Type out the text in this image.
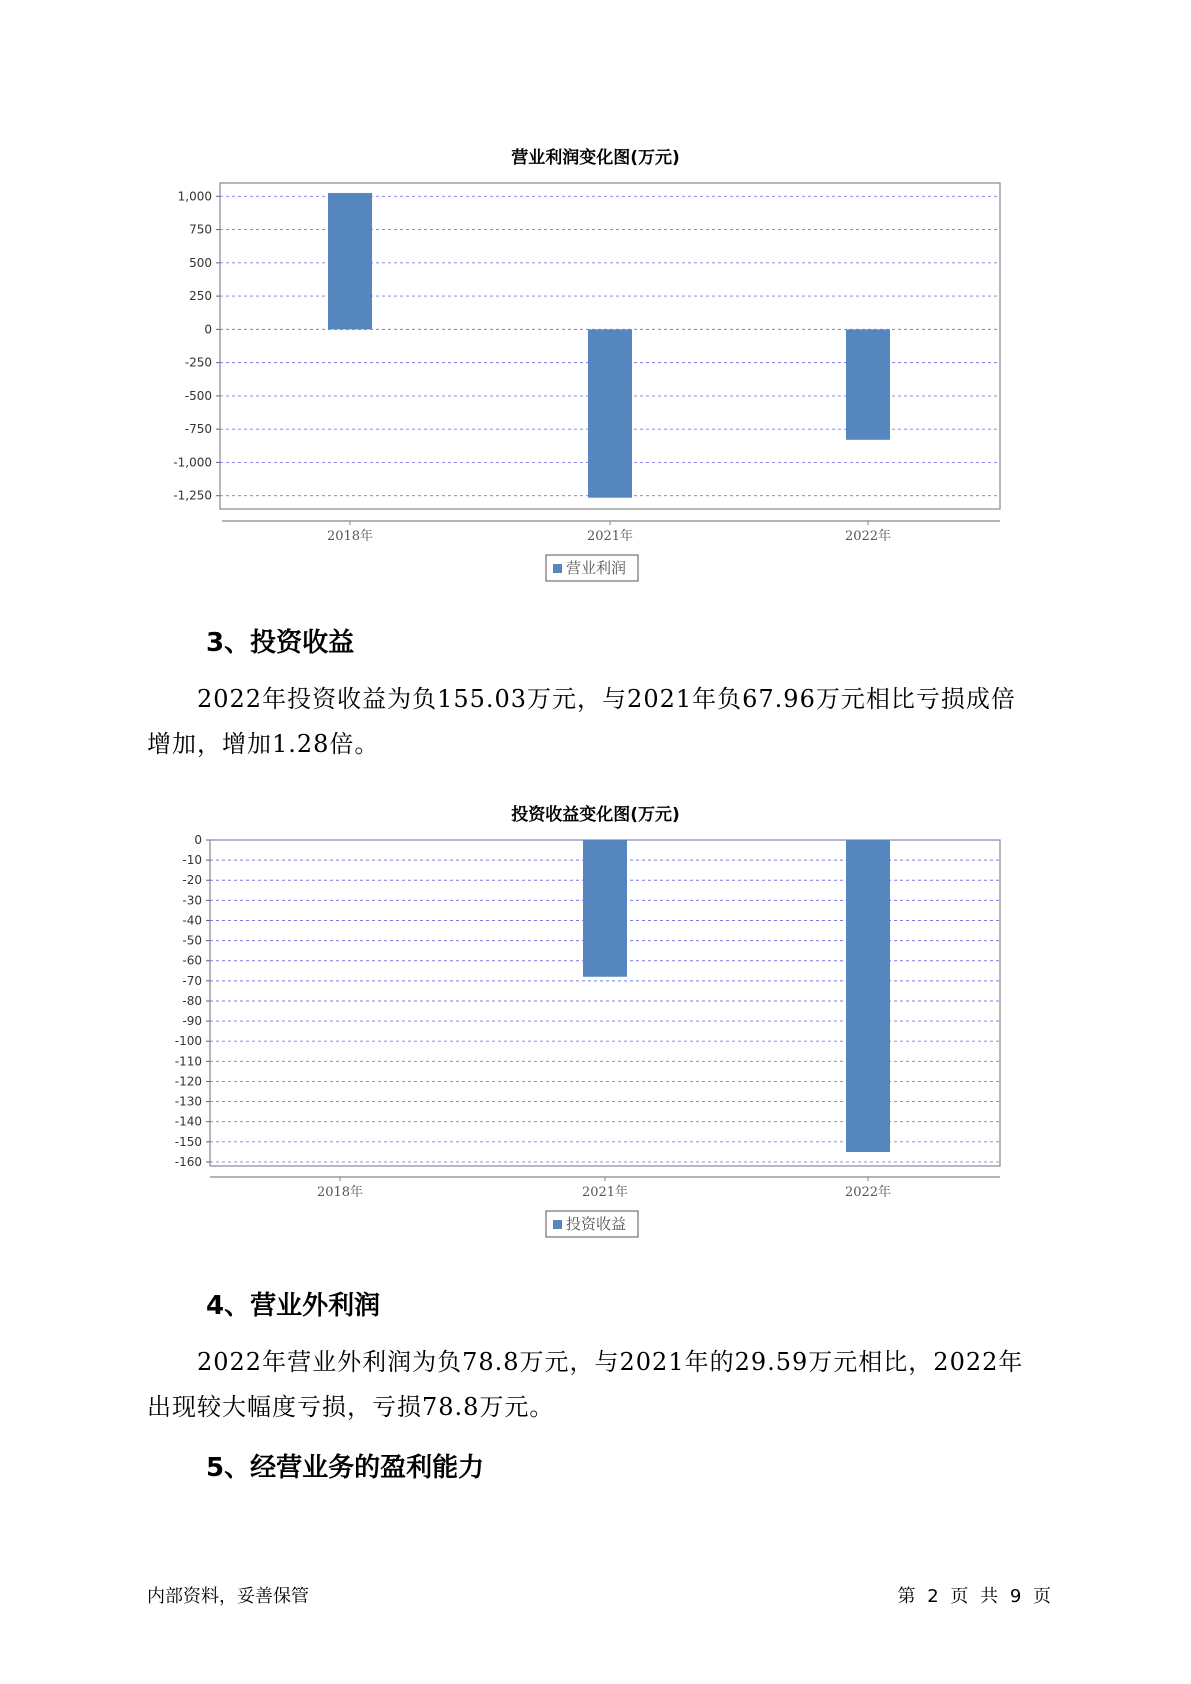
营业利润变化图(万元)
1,000
750
500
250
0
-250
-500
-750
-1,000
-1,250
2018年	2021年	2022年
营业利润
3、投资收益
2022年投资收益为负155.03万元，与2021年负67.96万元相比亏损成倍
增加，增加1.28倍。
投资收益变化图(万元)
0
-10
-20
-30
-40
-50
-60
-70
-80
-90
-100
-110
-120
-130
-140
-150
-160
2018年	2021年	2022年
投资收益
4、营业外利润
2022年营业外利润为负78.8万元，与2021年的29.59万元相比，2022年
出现较大幅度亏损，亏损78.8万元。
5、经营业务的盈利能力
内部资料，妥善保管	第 2 页 共 9 页
